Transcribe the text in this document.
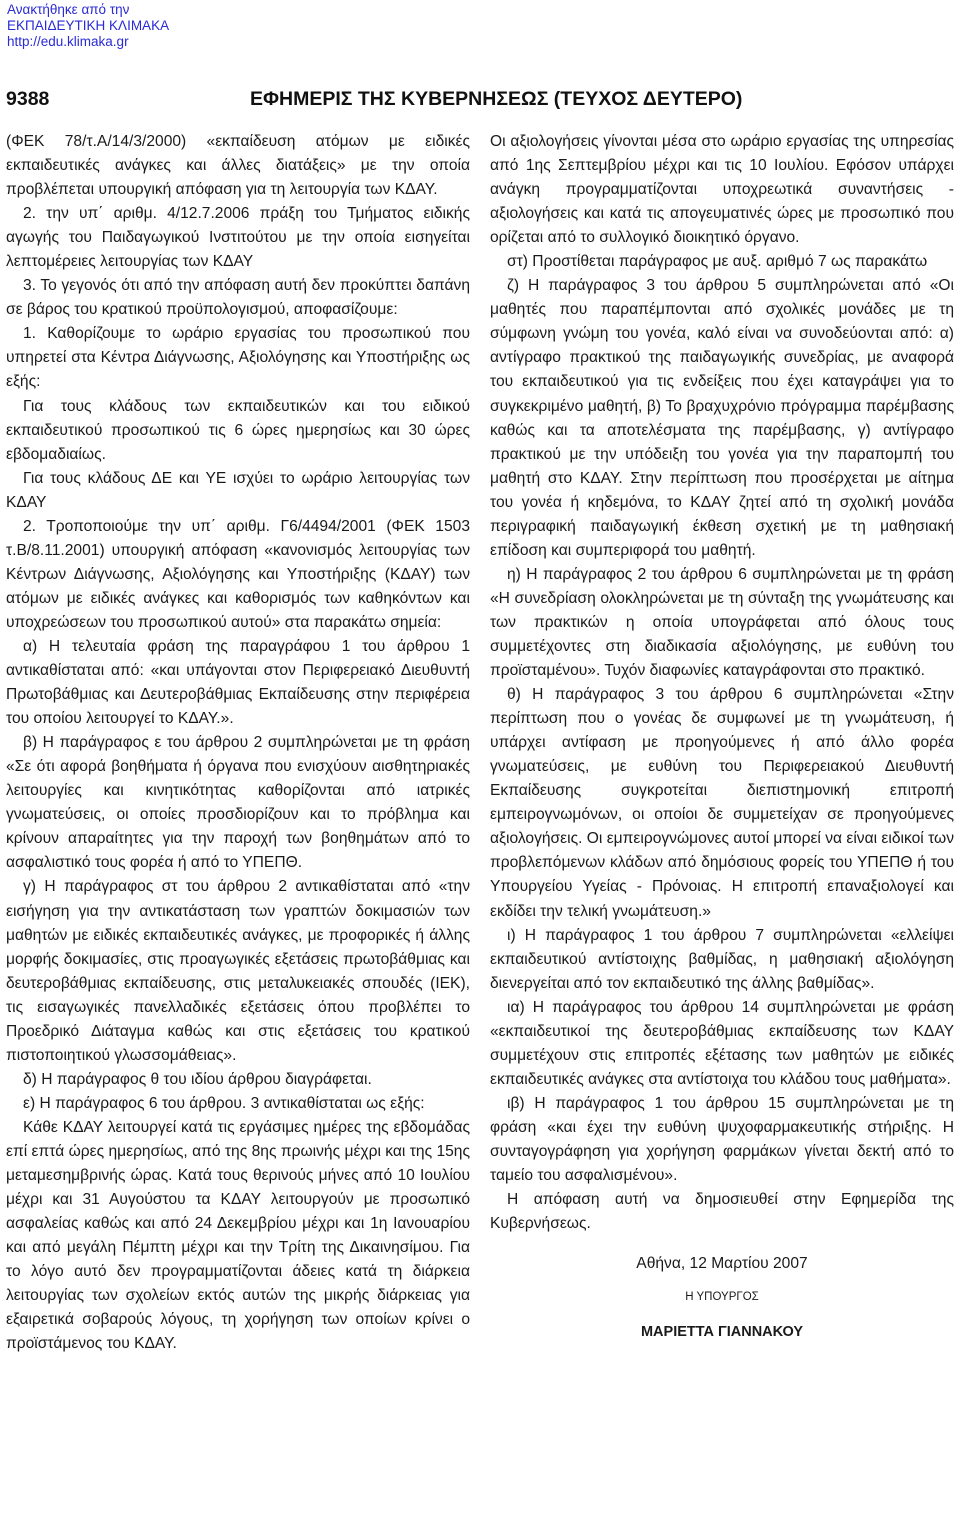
Ανακτήθηκε από την
ΕΚΠΑΙΔΕΥΤΙΚΗ ΚΛΙΜΑΚΑ
http://edu.klimaka.gr
9388	ΕΦΗΜΕΡΙΣ ΤΗΣ ΚΥΒΕΡΝΗΣΕΩΣ (ΤΕΥΧΟΣ ΔΕΥΤΕΡΟ)

(ΦΕΚ 78/τ.Α/14/3/2000) «εκπαίδευση ατόμων με ειδικές εκπαιδευτικές ανάγκες και άλλες διατάξεις» με την οποία προβλέπεται υπουργική απόφαση για τη λειτουργία των ΚΔΑΥ.

2. την υπ΄ αριθμ. 4/12.7.2006 πράξη του Τμήματος ειδικής αγωγής του Παιδαγωγικού Ινστιτούτου με την οποία εισηγείται λεπτομέρειες λειτουργίας των ΚΔΑΥ

3. Το γεγονός ότι από την απόφαση αυτή δεν προκύπτει δαπάνη σε βάρος του κρατικού προϋπολογισμού, αποφασίζουμε:

1. Καθορίζουμε το ωράριο εργασίας του προσωπικού που υπηρετεί στα Κέντρα Διάγνωσης, Αξιολόγησης και Υποστήριξης ως εξής:

Για τους κλάδους των εκπαιδευτικών και του ειδικού εκπαιδευτικού προσωπικού τις 6 ώρες ημερησίως και 30 ώρες εβδομαδιαίως.

Για τους κλάδους ΔΕ και ΥΕ ισχύει το ωράριο λειτουργίας των ΚΔΑΥ

2. Τροποποιούμε την υπ΄ αριθμ. Γ6/4494/2001 (ΦΕΚ 1503 τ.Β/8.11.2001) υπουργική απόφαση «κανονισμός λειτουργίας των Κέντρων Διάγνωσης, Αξιολόγησης και Υποστήριξης (ΚΔΑΥ) των ατόμων με ειδικές ανάγκες και καθορισμός των καθηκόντων και υποχρεώσεων του προσωπικού αυτού» στα παρακάτω σημεία:

α) Η τελευταία φράση της παραγράφου 1 του άρθρου 1 αντικαθίσταται από: «και υπάγονται στον Περιφερειακό Διευθυντή Πρωτοβάθμιας και Δευτεροβάθμιας Εκπαίδευσης στην περιφέρεια του οποίου λειτουργεί το ΚΔΑΥ.».

β) Η παράγραφος ε του άρθρου 2 συμπληρώνεται με τη φράση «Σε ότι αφορά βοηθήματα ή όργανα που ενισχύουν αισθητηριακές λειτουργίες και κινητικότητας καθορίζονται από ιατρικές γνωματεύσεις, οι οποίες προσδιορίζουν και το πρόβλημα και κρίνουν απαραίτητες για την παροχή των βοηθημάτων από το ασφαλιστικό τους φορέα ή από το ΥΠΕΠΘ.

γ) Η παράγραφος στ του άρθρου 2 αντικαθίσταται από «την εισήγηση για την αντικατάσταση των γραπτών δοκιμασιών των μαθητών με ειδικές εκπαιδευτικές ανάγκες, με προφορικές ή άλλης μορφής δοκιμασίες, στις προαγωγικές εξετάσεις πρωτοβάθμιας και δευτεροβάθμιας εκπαίδευσης, στις μεταλυκειακές σπουδές (ΙΕΚ), τις εισαγωγικές πανελλαδικές εξετάσεις όπου προβλέπει το Προεδρικό Διάταγμα καθώς και στις εξετάσεις του κρατικού πιστοποιητικού γλωσσομάθειας».

δ) Η παράγραφος θ του ιδίου άρθρου διαγράφεται.

ε) Η παράγραφος 6 του άρθρου. 3 αντικαθίσταται ως εξής:

Κάθε ΚΔΑΥ λειτουργεί κατά τις εργάσιμες ημέρες της εβδομάδας επί επτά ώρες ημερησίως, από της 8ης πρωινής μέχρι και της 15ης μεταμεσημβρινής ώρας. Κατά τους θερινούς μήνες από 10 Ιουλίου μέχρι και 31 Αυγούστου τα ΚΔΑΥ λειτουργούν με προσωπικό ασφαλείας καθώς και από 24 Δεκεμβρίου μέχρι και 1η Ιανουαρίου και από μεγάλη Πέμπτη μέχρι και την Τρίτη της Δικαινησίμου. Για το λόγο αυτό δεν προγραμματίζονται άδειες κατά τη διάρκεια λειτουργίας των σχολείων εκτός αυτών της μικρής διάρκειας για εξαιρετικά σοβαρούς λόγους, τη χορήγηση των οποίων κρίνει ο προϊστάμενος του ΚΔΑΥ.

Οι αξιολογήσεις γίνονται μέσα στο ωράριο εργασίας της υπηρεσίας από 1ης Σεπτεμβρίου μέχρι και τις 10 Ιουλίου. Εφόσον υπάρχει ανάγκη προγραμματίζονται υποχρεωτικά συναντήσεις - αξιολογήσεις και κατά τις απογευματινές ώρες με προσωπικό που ορίζεται από το συλλογικό διοικητικό όργανο.

στ) Προστίθεται παράγραφος με αυξ. αριθμό 7 ως παρακάτω

ζ) Η παράγραφος 3 του άρθρου 5 συμπληρώνεται από «Οι μαθητές που παραπέμπονται από σχολικές μονάδες με τη σύμφωνη γνώμη του γονέα, καλό είναι να συνοδεύονται από: α) αντίγραφο πρακτικού της παιδαγωγικής συνεδρίας, με αναφορά του εκπαιδευτικού για τις ενδείξεις που έχει καταγράψει για το συγκεκριμένο μαθητή, β) Το βραχυχρόνιο πρόγραμμα παρέμβασης καθώς και τα αποτελέσματα της παρέμβασης, γ) αντίγραφο πρακτικού με την υπόδειξη του γονέα για την παραπομπή του μαθητή στο ΚΔΑΥ. Στην περίπτωση που προσέρχεται με αίτημα του γονέα ή κηδεμόνα, το ΚΔΑΥ ζητεί από τη σχολική μονάδα περιγραφική παιδαγωγική έκθεση σχετική με τη μαθησιακή επίδοση και συμπεριφορά του μαθητή.

η) Η παράγραφος 2 του άρθρου 6 συμπληρώνεται με τη φράση «Η συνεδρίαση ολοκληρώνεται με τη σύνταξη της γνωμάτευσης και των πρακτικών η οποία υπογράφεται από όλους τους συμμετέχοντες στη διαδικασία αξιολόγησης, με ευθύνη του προϊσταμένου». Τυχόν διαφωνίες καταγράφονται στο πρακτικό.

θ) Η παράγραφος 3 του άρθρου 6 συμπληρώνεται «Στην περίπτωση που ο γονέας δε συμφωνεί με τη γνωμάτευση, ή υπάρχει αντίφαση με προηγούμενες ή από άλλο φορέα γνωματεύσεις, με ευθύνη του Περιφερειακού Διευθυντή Εκπαίδευσης συγκροτείται διεπιστημονική επιτροπή εμπειρογνωμόνων, οι οποίοι δε συμμετείχαν σε προηγούμενες αξιολογήσεις. Οι εμπειρογνώμονες αυτοί μπορεί να είναι ειδικοί των προβλεπόμενων κλάδων από δημόσιους φορείς του ΥΠΕΠΘ ή του Υπουργείου Υγείας - Πρόνοιας. Η επιτροπή επαναξιολογεί και εκδίδει την τελική γνωμάτευση.»

ι) Η παράγραφος 1 του άρθρου 7 συμπληρώνεται «ελλείψει εκπαιδευτικού αντίστοιχης βαθμίδας, η μαθησιακή αξιολόγηση διενεργείται από τον εκπαιδευτικό της άλλης βαθμίδας».

ια) Η παράγραφος του άρθρου 14 συμπληρώνεται με φράση «εκπαιδευτικοί της δευτεροβάθμιας εκπαίδευσης των ΚΔΑΥ συμμετέχουν στις επιτροπές εξέτασης των μαθητών με ειδικές εκπαιδευτικές ανάγκες στα αντίστοιχα του κλάδου τους μαθήματα».

ιβ) Η παράγραφος 1 του άρθρου 15 συμπληρώνεται με τη φράση «και έχει την ευθύνη ψυχοφαρμακευτικής στήριξης. Η συνταγογράφηση για χορήγηση φαρμάκων γίνεται δεκτή από το ταμείο του ασφαλισμένου».

Η απόφαση αυτή να δημοσιευθεί στην Εφημερίδα της Κυβερνήσεως.

Αθήνα, 12 Μαρτίου 2007

Η ΥΠΟΥΡΓΟΣ

ΜΑΡΙΕΤΤΑ ΓΙΑΝΝΑΚΟΥ
